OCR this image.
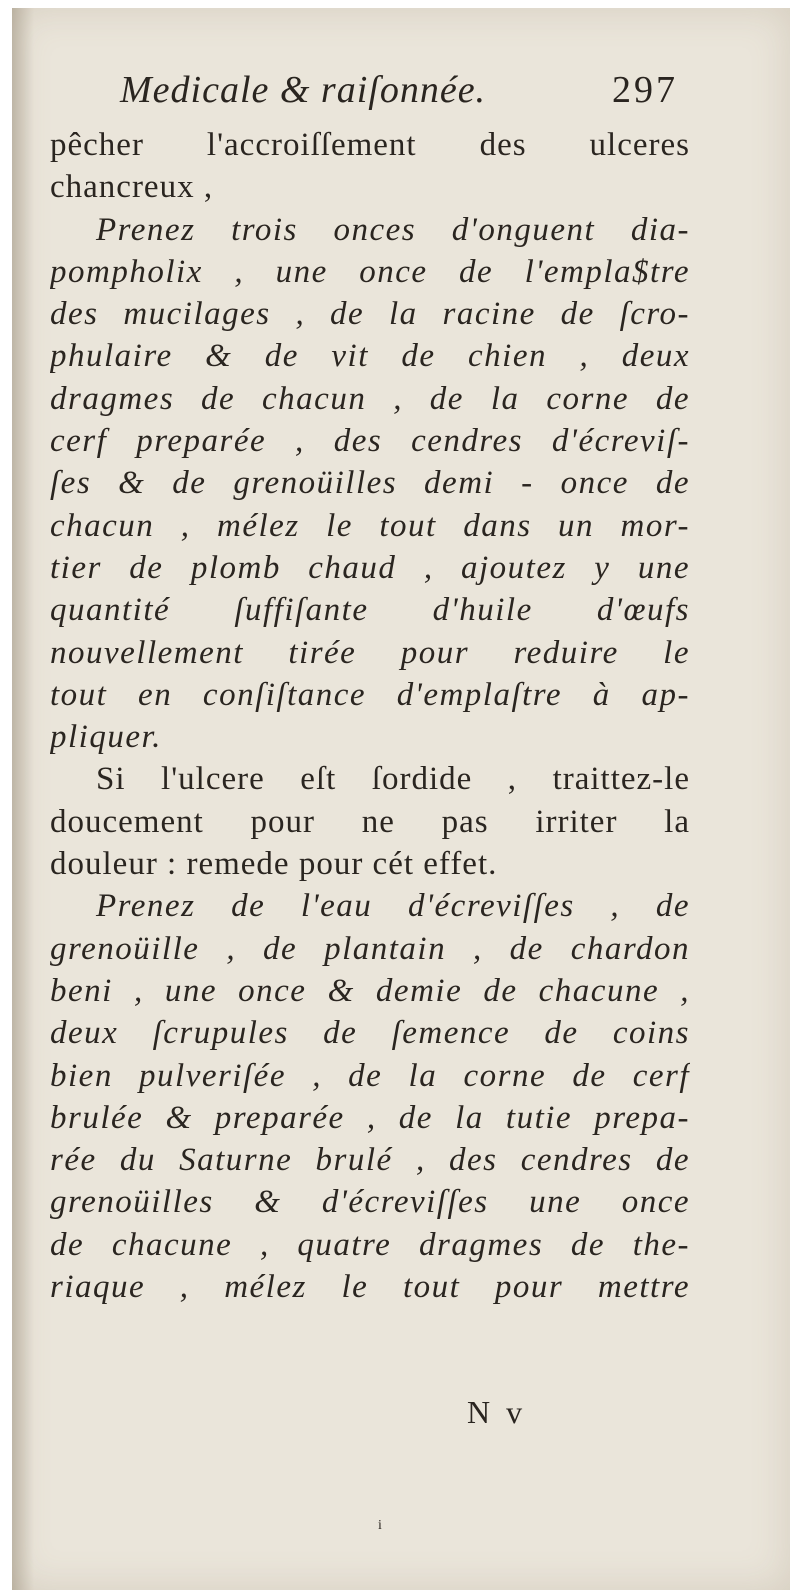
Medicale & raiſonnée.	297
pêcher l'accroiſſement des ulceres
chancreux ,
Prenez trois onces d'onguent dia-
pompholix , une once de l'empla$tre
des mucilages , de la racine de ſcro-
phulaire & de vit de chien , deux
dragmes de chacun , de la corne de
cerf preparée , des cendres d'écreviſ-
ſes & de grenoüilles demi - once de
chacun , mélez le tout dans un mor-
tier de plomb chaud , ajoutez y une
quantité ſuffiſante d'huile d'œufs
nouvellement tirée pour reduire le
tout en conſiſtance d'emplaſtre à ap-
pliquer.
Si l'ulcere eſt ſordide , traittez-le
doucement pour ne pas irriter la
douleur : remede pour cét effet.
Prenez de l'eau d'écreviſſes , de
grenoüille , de plantain , de chardon
beni , une once & demie de chacune ,
deux ſcrupules de ſemence de coins
bien pulveriſée , de la corne de cerf
brulée & preparée , de la tutie prepa-
rée du Saturne brulé , des cendres de
grenoüilles & d'écreviſſes une once
de chacune , quatre dragmes de the-
riaque , mélez le tout pour mettre
N v
i
